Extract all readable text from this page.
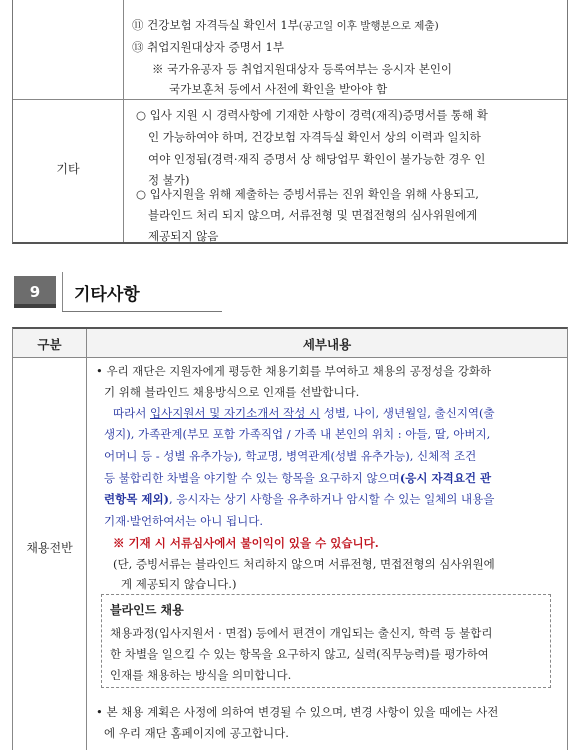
기타
⑪ 건강보험 자격득실 확인서 1부(공고일 이후 발행분으로 제출)
⑬ 취업지원대상자 증명서 1부
※ 국가유공자 등 취업지원대상자 등록여부는 응시자 본인이
국가보훈처 등에서 사전에 확인을 받아야 함
○ 입사 지원 시 경력사항에 기재한 사항이 경력(재직)증명서를 통해 확
인 가능하여야 하며, 건강보험 자격득실 확인서 상의 이력과 일치하
여야 인정됨(경력·재직 증명서 상 해당업무 확인이 불가능한 경우 인
정 불가)
○ 입사지원을 위해 제출하는 증빙서류는 진위 확인을 위해 사용되고,
블라인드 처리 되지 않으며, 서류전형 및 면접전형의 심사위원에게
제공되지 않음
9	기타사항
구분	세부내용
채용전반
• 우리 재단은 지원자에게 평등한 채용기회를 부여하고 채용의 공정성을 강화하
기 위해 블라인드 채용방식으로 인재를 선발합니다.
따라서 입사지원서 및 자기소개서 작성 시 성별, 나이, 생년월일, 출신지역(출
생지), 가족관계(부모 포함 가족직업 / 가족 내 본인의 위치 : 아들, 딸, 아버지,
어머니 등 - 성별 유추가능), 학교명, 병역관계(성별 유추가능), 신체적 조건
등 불합리한 차별을 야기할 수 있는 항목을 요구하지 않으며(응시 자격요건 관
련항목 제외), 응시자는 상기 사항을 유추하거나 암시할 수 있는 일체의 내용을
기재·발언하여서는 아니 됩니다.
※ 기재 시 서류심사에서 불이익이 있을 수 있습니다.
(단, 증빙서류는 블라인드 처리하지 않으며 서류전형, 면접전형의 심사위원에
게 제공되지 않습니다.)
블라인드 채용
채용과정(입사지원서 · 면접) 등에서 편견이 개입되는 출신지, 학력 등 불합리
한 차별을 일으킬 수 있는 항목을 요구하지 않고, 실력(직무능력)를 평가하여
인재를 채용하는 방식을 의미합니다.
• 본 채용 계획은 사정에 의하여 변경될 수 있으며, 변경 사항이 있을 때에는 사전
에 우리 재단 홈페이지에 공고합니다.
